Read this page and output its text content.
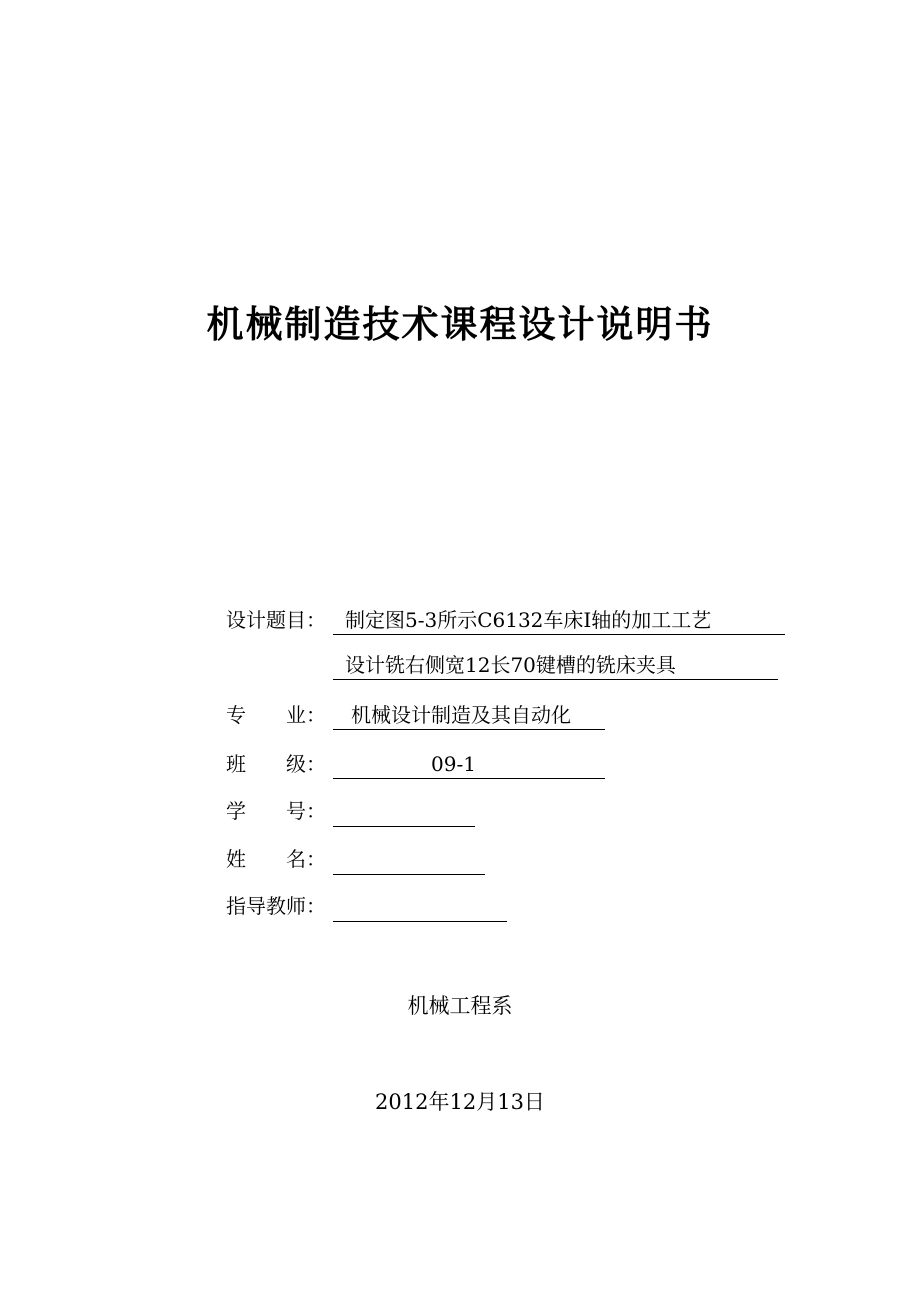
机械制造技术课程设计说明书
设计题目： 制定图5-3所示C6132车床I轴的加工工艺
设计铣右侧宽12长70键槽的铣床夹具
专　　业：	机械设计制造及其自动化
班　　级：	09-1
学　　号：
姓　　名：
指导教师：
机械工程系
2012年12月13日
